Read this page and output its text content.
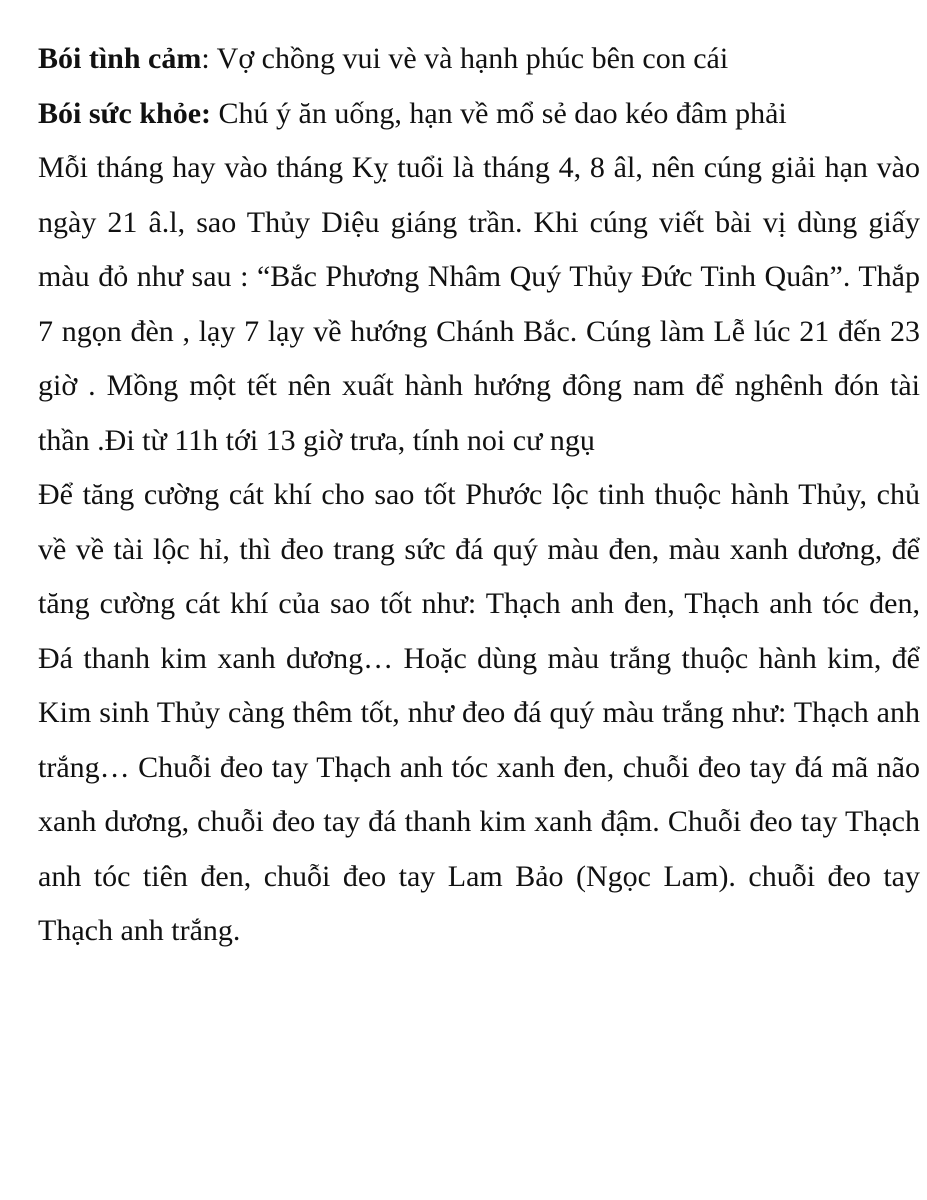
Bói tình cảm: Vợ chồng vui vè và hạnh phúc bên con cái

Bói sức khỏe: Chú ý ăn uống, hạn về mổ sẻ dao kéo đâm phải

Mỗi tháng hay vào tháng Kỵ tuổi là tháng 4, 8 âl, nên cúng giải hạn vào ngày 21 â.l, sao Thủy Diệu giáng trần. Khi cúng viết bài vị dùng giấy màu đỏ như sau : “Bắc Phương Nhâm Quý Thủy Đức Tinh Quân”. Thắp 7 ngọn đèn , lạy 7 lạy về hướng Chánh Bắc. Cúng làm Lễ lúc 21 đến 23 giờ . Mồng một tết nên xuất hành hướng đông nam để nghênh đón tài thần .Đi từ 11h tới 13 giờ trưa, tính noi cư ngụ

Để tăng cường cát khí cho sao tốt Phước lộc tinh thuộc hành Thủy, chủ về về tài lộc hỉ, thì đeo trang sức đá quý màu đen, màu xanh dương, để tăng cường cát khí của sao tốt như: Thạch anh đen, Thạch anh tóc đen, Đá thanh kim xanh dương… Hoặc dùng màu trắng thuộc hành kim, để Kim sinh Thủy càng thêm tốt, như đeo đá quý màu trắng như: Thạch anh trắng… Chuỗi đeo tay Thạch anh tóc xanh đen, chuỗi đeo tay đá mã não xanh dương, chuỗi đeo tay đá thanh kim xanh đậm. Chuỗi đeo tay Thạch anh tóc tiên đen, chuỗi đeo tay Lam Bảo (Ngọc Lam). chuỗi đeo tay Thạch anh trắng.
